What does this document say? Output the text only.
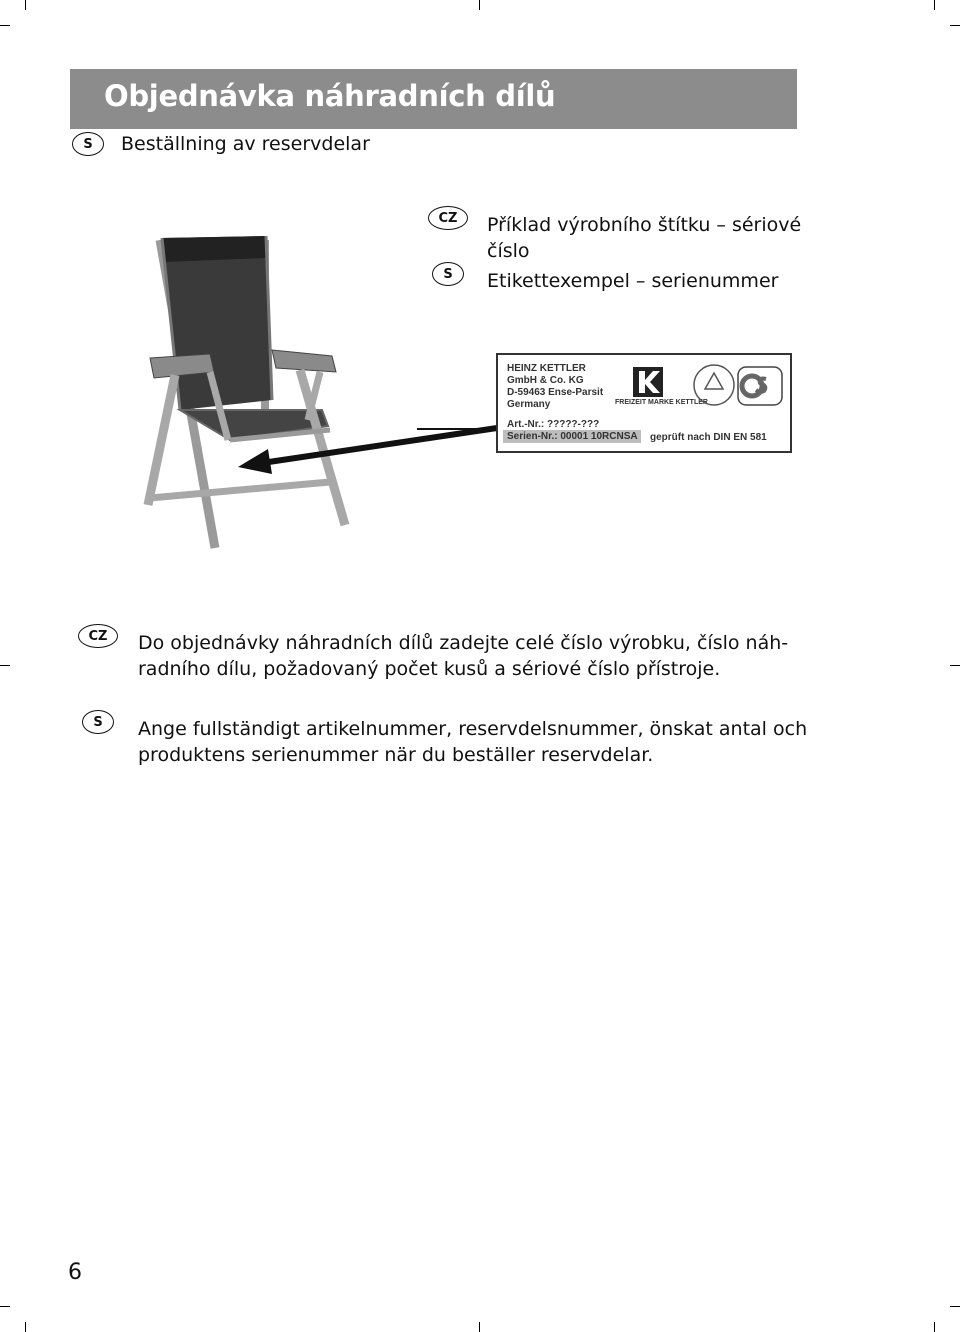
Objednávka náhradních dílů
S	Beställning av reservdelar
CZ	Příklad výrobního štítku – sériové číslo
S	Etikettexempel – serienummer
HEINZ KETTLER
GmbH & Co. KG
D-59463 Ense-Parsit
Germany	FREIZEIT MARKE KETTLER
Art.-Nr.: ?????-???
Serien-Nr.: 00001 10RCNSA geprüft nach DIN EN 581
CZ	Do objednávky náhradních dílů zadejte celé číslo výrobku, číslo náh-radního dílu, požadovaný počet kusů a sériové číslo přístroje.
S	Ange fullständigt artikelnummer, reservdelsnummer, önskat antal och produktens serienummer när du beställer reservdelar.
6
